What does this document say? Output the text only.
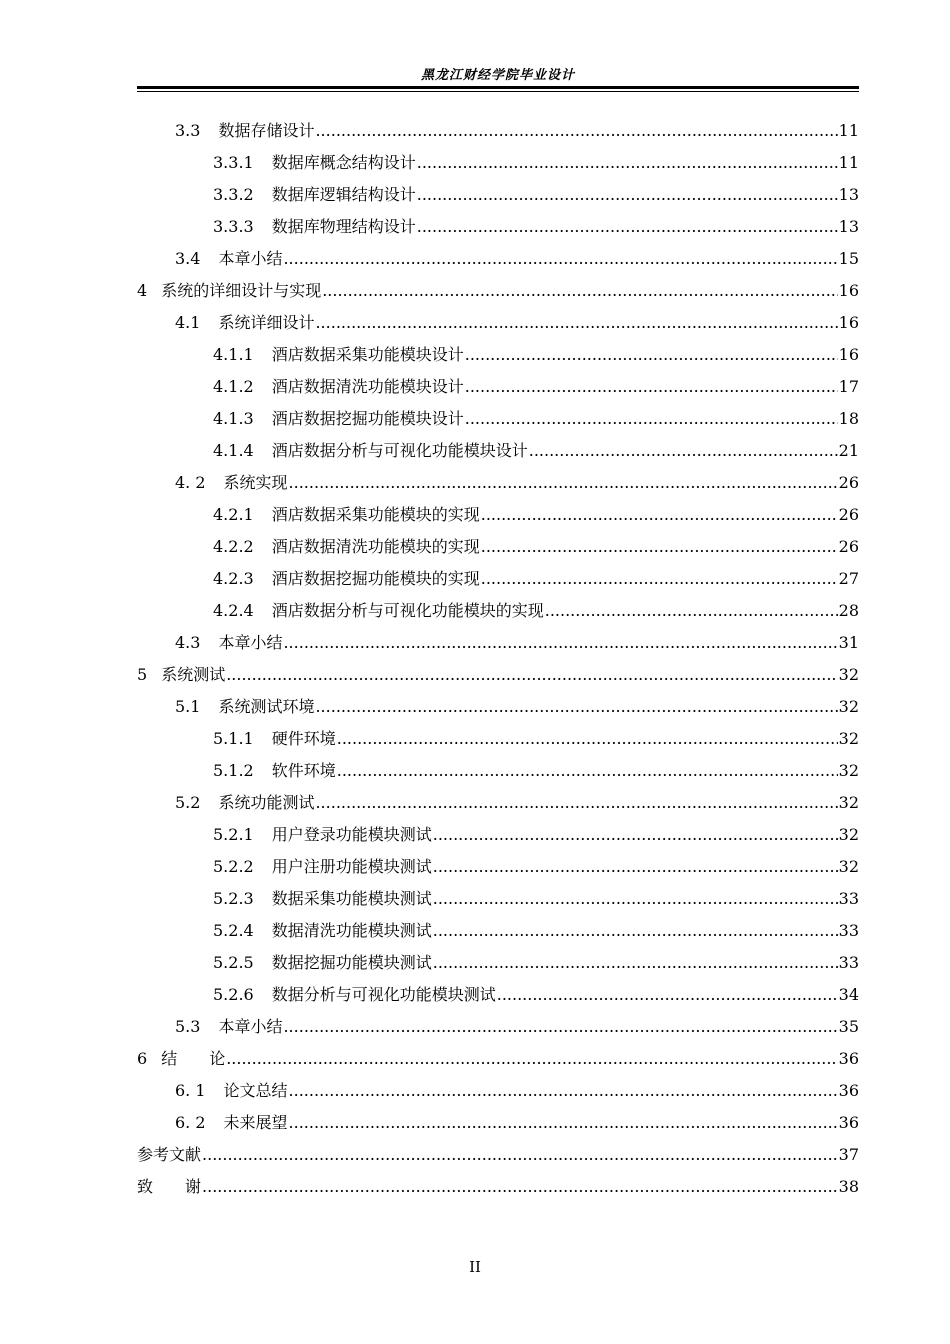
黑龙江财经学院毕业设计
3.3 数据存储设计 .....	11
3.3.1 数据库概念结构设计 .....	11
3.3.2 数据库逻辑结构设计 .....	13
3.3.3 数据库物理结构设计 .....	13
3.4 本章小结 .....	15
4 系统的详细设计与实现 .....	16
4.1 系统详细设计 .....	16
4.1.1 酒店数据采集功能模块设计 .....	16
4.1.2 酒店数据清洗功能模块设计 .....	17
4.1.3 酒店数据挖掘功能模块设计 .....	18
4.1.4 酒店数据分析与可视化功能模块设计 .....	21
4. 2 系统实现 .....	26
4.2.1 酒店数据采集功能模块的实现 .....	26
4.2.2 酒店数据清洗功能模块的实现 .....	26
4.2.3 酒店数据挖掘功能模块的实现 .....	27
4.2.4 酒店数据分析与可视化功能模块的实现 .....	28
4.3 本章小结 .....	31
5 系统测试 .....	32
5.1 系统测试环境 .....	32
5.1.1 硬件环境 .....	32
5.1.2 软件环境 .....	32
5.2 系统功能测试 .....	32
5.2.1 用户登录功能模块测试 .....	32
5.2.2 用户注册功能模块测试 .....	32
5.2.3 数据采集功能模块测试 .....	33
5.2.4 数据清洗功能模块测试 .....	33
5.2.5 数据挖掘功能模块测试 .....	33
5.2.6 数据分析与可视化功能模块测试 .....	34
5.3 本章小结 .....	35
6 结　　论 .....	36
6. 1 论文总结 .....	36
6. 2 未来展望 .....	36
参考文献 .....	37
致　　谢 .....	38
II
